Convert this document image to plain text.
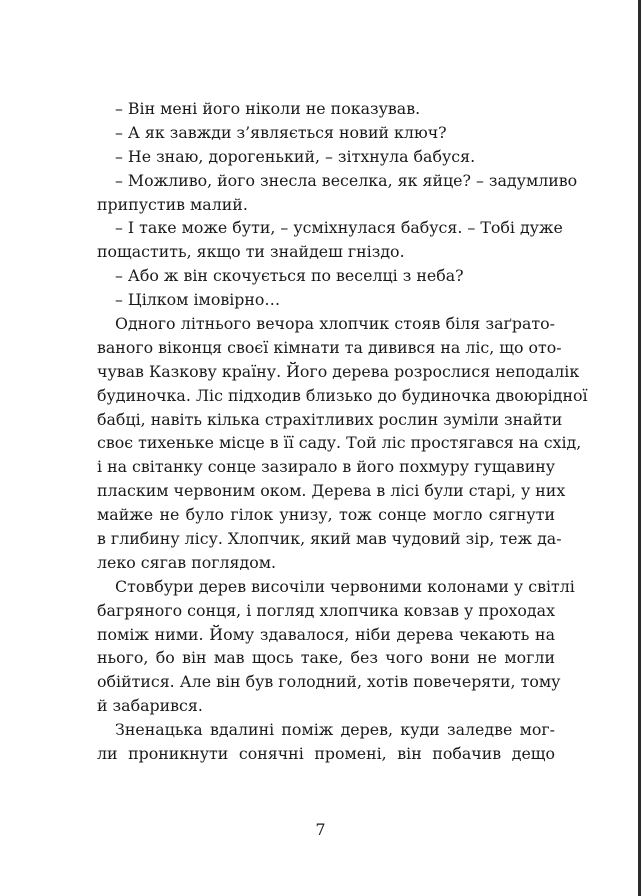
– Він мені його ніколи не показував.
– А як завжди з’являється новий ключ?
– Не знаю, дорогенький, – зітхнула бабуся.
– Можливо, його знесла веселка, як яйце? – задумливо
припустив малий.
– І таке може бути, – усміхнулася бабуся. – Тобі дуже
пощастить, якщо ти знайдеш гніздо.
– Або ж він скочується по веселці з неба?
– Цілком імовірно…
Одного літнього вечора хлопчик стояв біля заґрато-
ваного віконця своєї кімнати та дивився на ліс, що ото-
чував Казкову країну. Його дерева розрослися неподалік
будиночка. Ліс підходив близько до будиночка двоюрідної
бабці, навіть кілька страхітливих рослин зуміли знайти
своє тихеньке місце в її саду. Той ліс простягався на схід,
і на світанку сонце зазирало в його похмуру гущавину
пласким червоним оком. Дерева в лісі були старі, у них
майже не було гілок унизу, тож сонце могло сягнути
в глибину лісу. Хлопчик, який мав чудовий зір, теж да-
леко сягав поглядом.
Стовбури дерев височіли червоними колонами у світлі
багряного сонця, і погляд хлопчика ковзав у проходах
поміж ними. Йому здавалося, ніби дерева чекають на
нього, бо він мав щось таке, без чого вони не могли
обійтися. Але він був голодний, хотів повечеряти, тому
й забарився.
Зненацька вдалині поміж дерев, куди заледве мог-
ли проникнути сонячні промені, він побачив дещо
7
